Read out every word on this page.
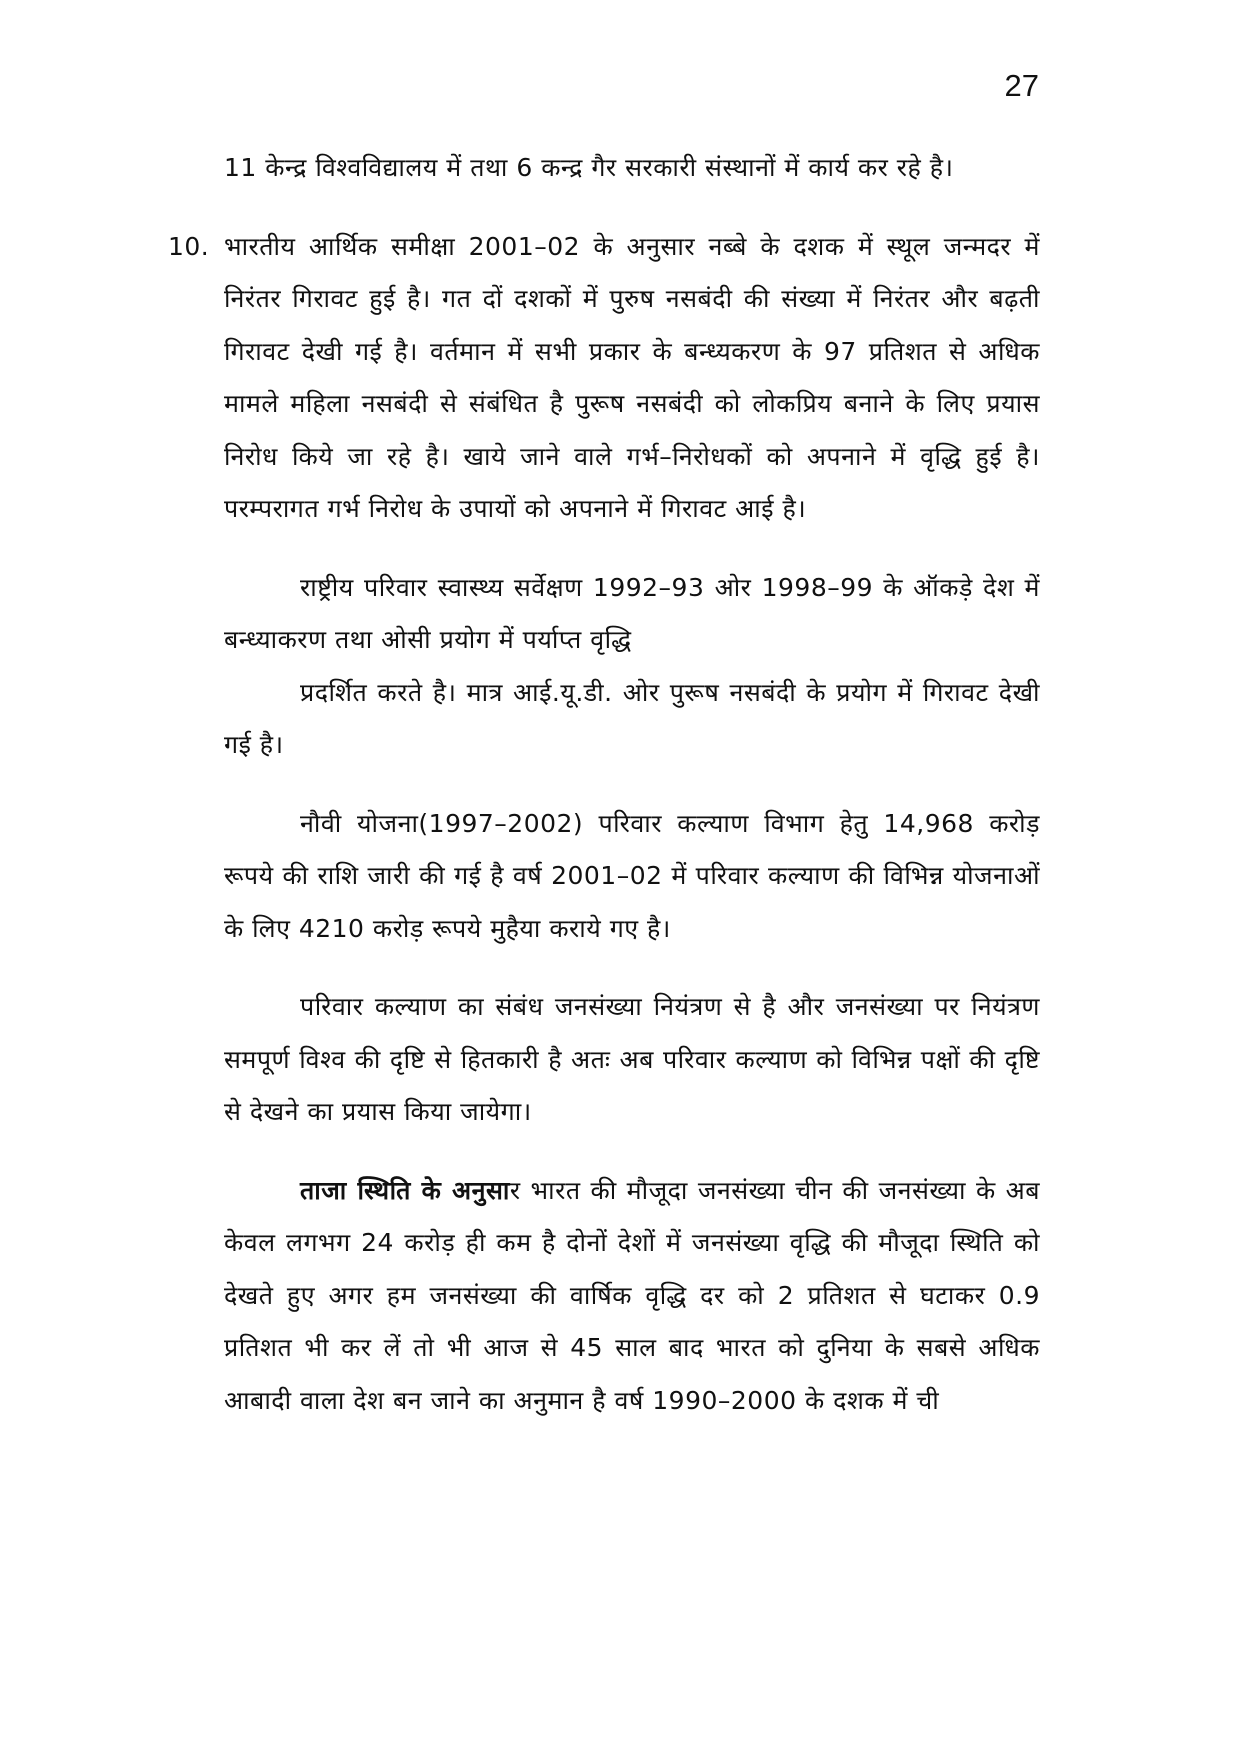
27

11 केन्द्र विश्वविद्यालय में तथा 6 कन्द्र गैर सरकारी संस्थानों में कार्य कर रहे है।

10. भारतीय आर्थिक समीक्षा 2001–02 के अनुसार नब्बे के दशक में स्थूल जन्मदर में निरंतर गिरावट हुई है। गत दों दशकों में पुरुष नसबंदी की संख्या में निरंतर और बढ़ती गिरावट देखी गई है। वर्तमान में सभी प्रकार के बन्ध्यकरण के 97 प्रतिशत से अधिक मामले महिला नसबंदी से संबंधित है पुरूष नसबंदी को लोकप्रिय बनाने के लिए प्रयास निरोध किये जा रहे है। खाये जाने वाले गर्भ–निरोधकों को अपनाने में वृद्धि हुई है। परम्परागत गर्भ निरोध के उपायों को अपनाने में गिरावट आई है।

राष्ट्रीय परिवार स्वास्थ्य सर्वेक्षण 1992–93 ओर 1998–99 के ऑकड़े देश में बन्ध्याकरण तथा ओसी प्रयोग में पर्याप्त वृद्धि

प्रदर्शित करते है। मात्र आई.यू.डी. ओर पुरूष नसबंदी के प्रयोग में गिरावट देखी गई है।

नौवी योजना(1997–2002) परिवार कल्याण विभाग हेतु 14,968 करोड़ रूपये की राशि जारी की गई है वर्ष 2001–02 में परिवार कल्याण की विभिन्न योजनाओं के लिए 4210 करोड़ रूपये मुहैया कराये गए है।

परिवार कल्याण का संबंध जनसंख्या नियंत्रण से है और जनसंख्या पर नियंत्रण समपूर्ण विश्व की दृष्टि से हितकारी है अतः अब परिवार कल्याण को विभिन्न पक्षों की दृष्टि से देखने का प्रयास किया जायेगा।

ताजा स्थिति के अनुसार भारत की मौजूदा जनसंख्या चीन की जनसंख्या के अब केवल लगभग 24 करोड़ ही कम है दोनों देशों में जनसंख्या वृद्धि की मौजूदा स्थिति को देखते हुए अगर हम जनसंख्या की वार्षिक वृद्धि दर को 2 प्रतिशत से घटाकर 0.9 प्रतिशत भी कर लें तो भी आज से 45 साल बाद भारत को दुनिया के सबसे अधिक आबादी वाला देश बन जाने का अनुमान है वर्ष 1990–2000 के दशक में ची
